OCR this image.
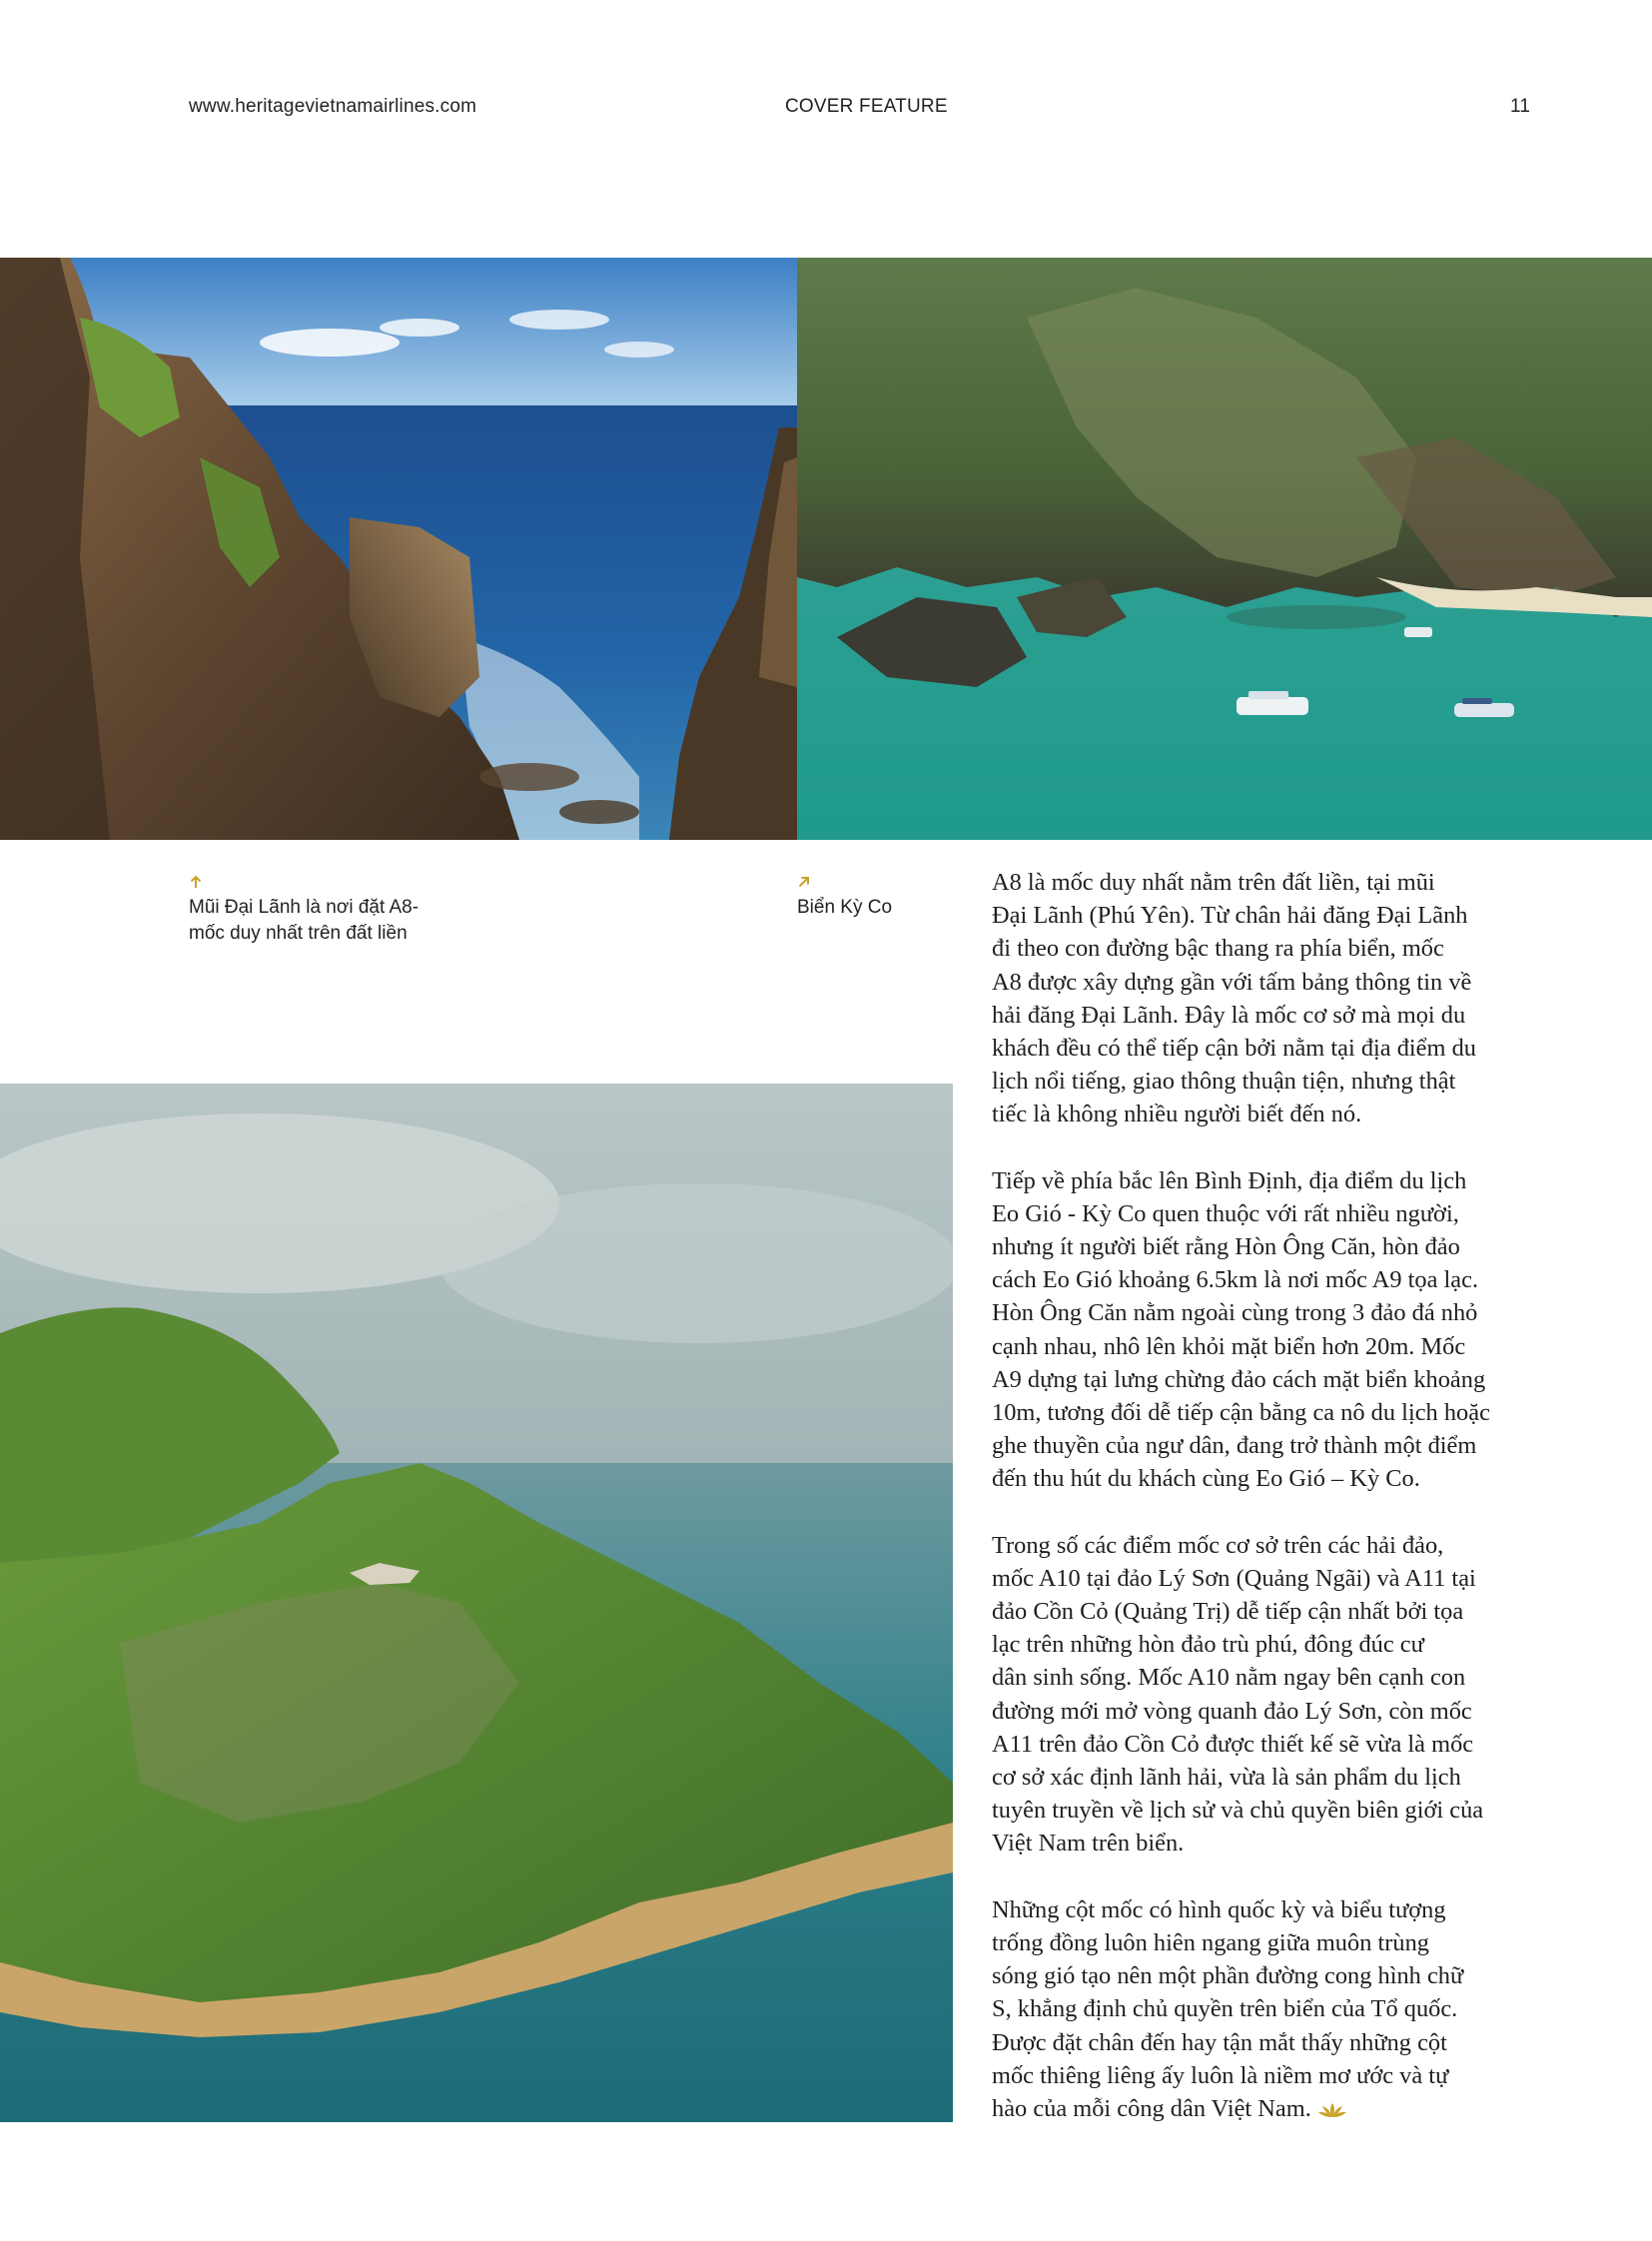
www.heritagevietnamairlines.com	COVER FEATURE	11
Mũi Đại Lãnh là nơi đặt A8-
mốc duy nhất trên đất liền
Biển Kỳ Co

A8 là mốc duy nhất nằm trên đất liền, tại mũi
Đại Lãnh (Phú Yên). Từ chân hải đăng Đại Lãnh
đi theo con đường bậc thang ra phía biển, mốc
A8 được xây dựng gần với tấm bảng thông tin về
hải đăng Đại Lãnh. Đây là mốc cơ sở mà mọi du
khách đều có thể tiếp cận bởi nằm tại địa điểm du
lịch nổi tiếng, giao thông thuận tiện, nhưng thật
tiếc là không nhiều người biết đến nó.

Tiếp về phía bắc lên Bình Định, địa điểm du lịch
Eo Gió - Kỳ Co quen thuộc với rất nhiều người,
nhưng ít người biết rằng Hòn Ông Căn, hòn đảo
cách Eo Gió khoảng 6.5km là nơi mốc A9 tọa lạc.
Hòn Ông Căn nằm ngoài cùng trong 3 đảo đá nhỏ
cạnh nhau, nhô lên khỏi mặt biển hơn 20m. Mốc
A9 dựng tại lưng chừng đảo cách mặt biển khoảng
10m, tương đối dễ tiếp cận bằng ca nô du lịch hoặc
ghe thuyền của ngư dân, đang trở thành một điểm
đến thu hút du khách cùng Eo Gió – Kỳ Co.

Trong số các điểm mốc cơ sở trên các hải đảo,
mốc A10 tại đảo Lý Sơn (Quảng Ngãi) và A11 tại
đảo Cồn Cỏ (Quảng Trị) dễ tiếp cận nhất bởi tọa
lạc trên những hòn đảo trù phú, đông đúc cư
dân sinh sống. Mốc A10 nằm ngay bên cạnh con
đường mới mở vòng quanh đảo Lý Sơn, còn mốc
A11 trên đảo Cồn Cỏ được thiết kế sẽ vừa là mốc
cơ sở xác định lãnh hải, vừa là sản phẩm du lịch
tuyên truyền về lịch sử và chủ quyền biên giới của
Việt Nam trên biển.

Những cột mốc có hình quốc kỳ và biểu tượng
trống đồng luôn hiên ngang giữa muôn trùng
sóng gió tạo nên một phần đường cong hình chữ
S, khẳng định chủ quyền trên biển của Tổ quốc.
Được đặt chân đến hay tận mắt thấy những cột
mốc thiêng liêng ấy luôn là niềm mơ ước và tự
hào của mỗi công dân Việt Nam.
